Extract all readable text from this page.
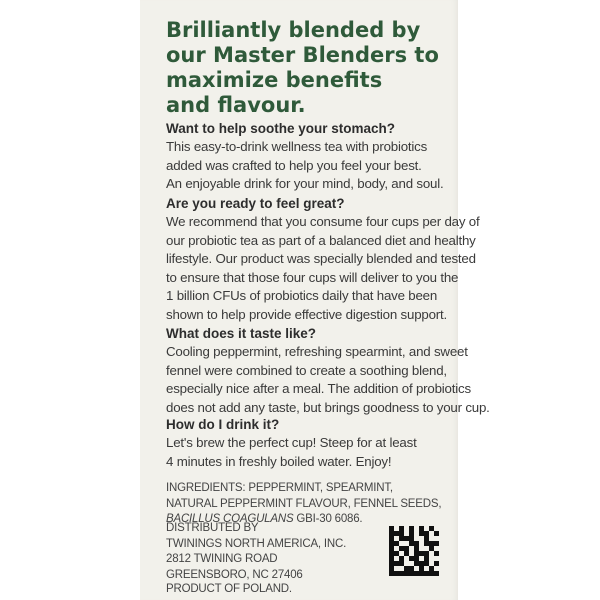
Brilliantly blended by
our Master Blenders to
maximize benefits
and flavour.

Want to help soothe your stomach?

This easy-to-drink wellness tea with probiotics
added was crafted to help you feel your best.
An enjoyable drink for your mind, body, and soul.

Are you ready to feel great?

We recommend that you consume four cups per day of
our probiotic tea as part of a balanced diet and healthy
lifestyle. Our product was specially blended and tested
to ensure that those four cups will deliver to you the
1 billion CFUs of probiotics daily that have been
shown to help provide effective digestion support.

What does it taste like?

Cooling peppermint, refreshing spearmint, and sweet
fennel were combined to create a soothing blend,
especially nice after a meal. The addition of probiotics
does not add any taste, but brings goodness to your cup.

How do I drink it?

Let's brew the perfect cup! Steep for at least
4 minutes in freshly boiled water. Enjoy!

INGREDIENTS: PEPPERMINT, SPEARMINT,
NATURAL PEPPERMINT FLAVOUR, FENNEL SEEDS,
BACILLUS COAGULANS GBI-30 6086.
DISTRIBUTED BY
TWININGS NORTH AMERICA, INC.
2812 TWINING ROAD
GREENSBORO, NC 27406
PRODUCT OF POLAND.
